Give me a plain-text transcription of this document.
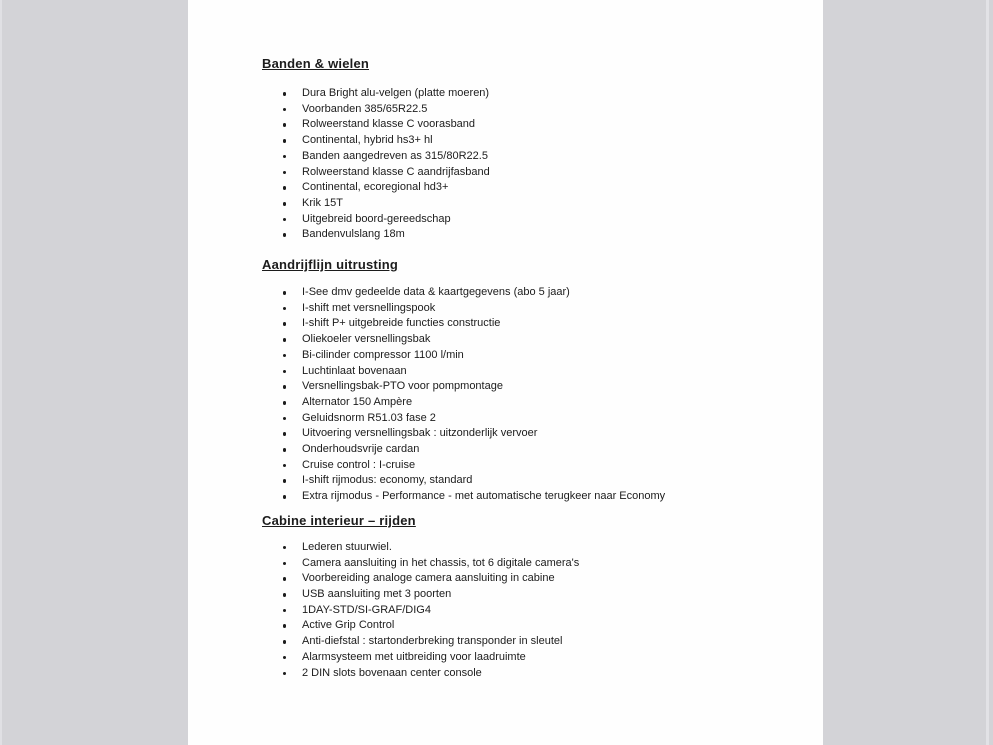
Banden & wielen
Dura Bright alu-velgen (platte moeren)
Voorbanden 385/65R22.5
Rolweerstand klasse C voorasband
Continental, hybrid hs3+ hl
Banden aangedreven as 315/80R22.5
Rolweerstand klasse C aandrijfasband
Continental, ecoregional hd3+
Krik 15T
Uitgebreid boord-gereedschap
Bandenvulslang 18m
Aandrijflijn uitrusting
I-See dmv gedeelde data & kaartgegevens (abo 5 jaar)
I-shift met versnellingspook
I-shift P+ uitgebreide functies constructie
Oliekoeler versnellingsbak
Bi-cilinder compressor 1100 l/min
Luchtinlaat bovenaan
Versnellingsbak-PTO voor pompmontage
Alternator 150 Ampère
Geluidsnorm R51.03 fase 2
Uitvoering versnellingsbak : uitzonderlijk vervoer
Onderhoudsvrije cardan
Cruise control : I-cruise
I-shift rijmodus: economy, standard
Extra rijmodus - Performance - met automatische terugkeer naar Economy
Cabine interieur – rijden
Lederen stuurwiel.
Camera aansluiting in het chassis, tot 6 digitale camera's
Voorbereiding analoge camera aansluiting in cabine
USB aansluiting met 3 poorten
1DAY-STD/SI-GRAF/DIG4
Active Grip Control
Anti-diefstal : startonderbreking transponder in sleutel
Alarmsysteem met uitbreiding voor laadruimte
2 DIN slots bovenaan center console
